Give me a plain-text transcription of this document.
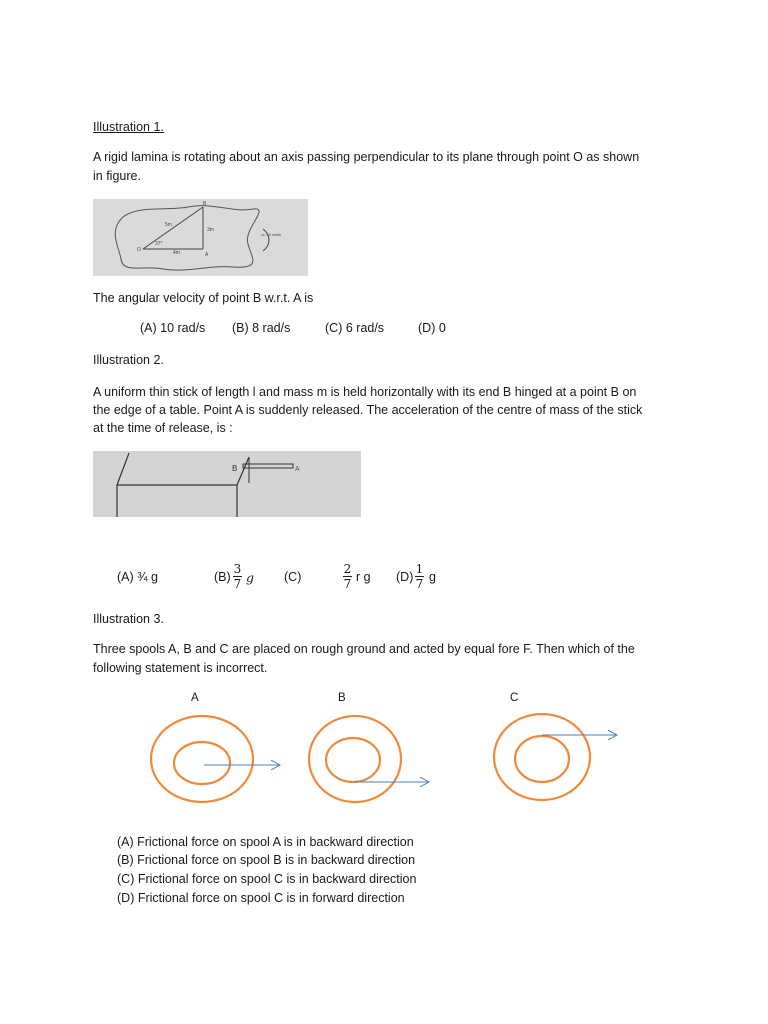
Illustration 1.
A rigid lamina is rotating about an axis passing perpendicular to its plane through point O as shown
in figure.
B
O
A
5m
3m
4m
37°
ω=10 rad/s
The angular velocity of point B w.r.t. A is
(A) 10 rad/s (B) 8 rad/s	(C) 6 rad/s	(D) 0
Illustration 2.
A uniform thin stick of length l and mass m is held horizontally with its end B hinged at a point B on
the edge of a table. Point A is suddenly released. The acceleration of the centre of mass of the stick
at the time of release, is :
B	A
(A) ¾ g	(B)
3
7 g (C)
2
7 r g (D)
1
7 g
Illustration 3.
Three spools A, B and C are placed on rough ground and acted by equal fore F. Then which of the
following statement is incorrect.
A	B	C
(A) Frictional force on spool A is in backward direction
(B) Frictional force on spool B is in backward direction
(C) Frictional force on spool C is in backward direction
(D) Frictional force on spool C is in forward direction
